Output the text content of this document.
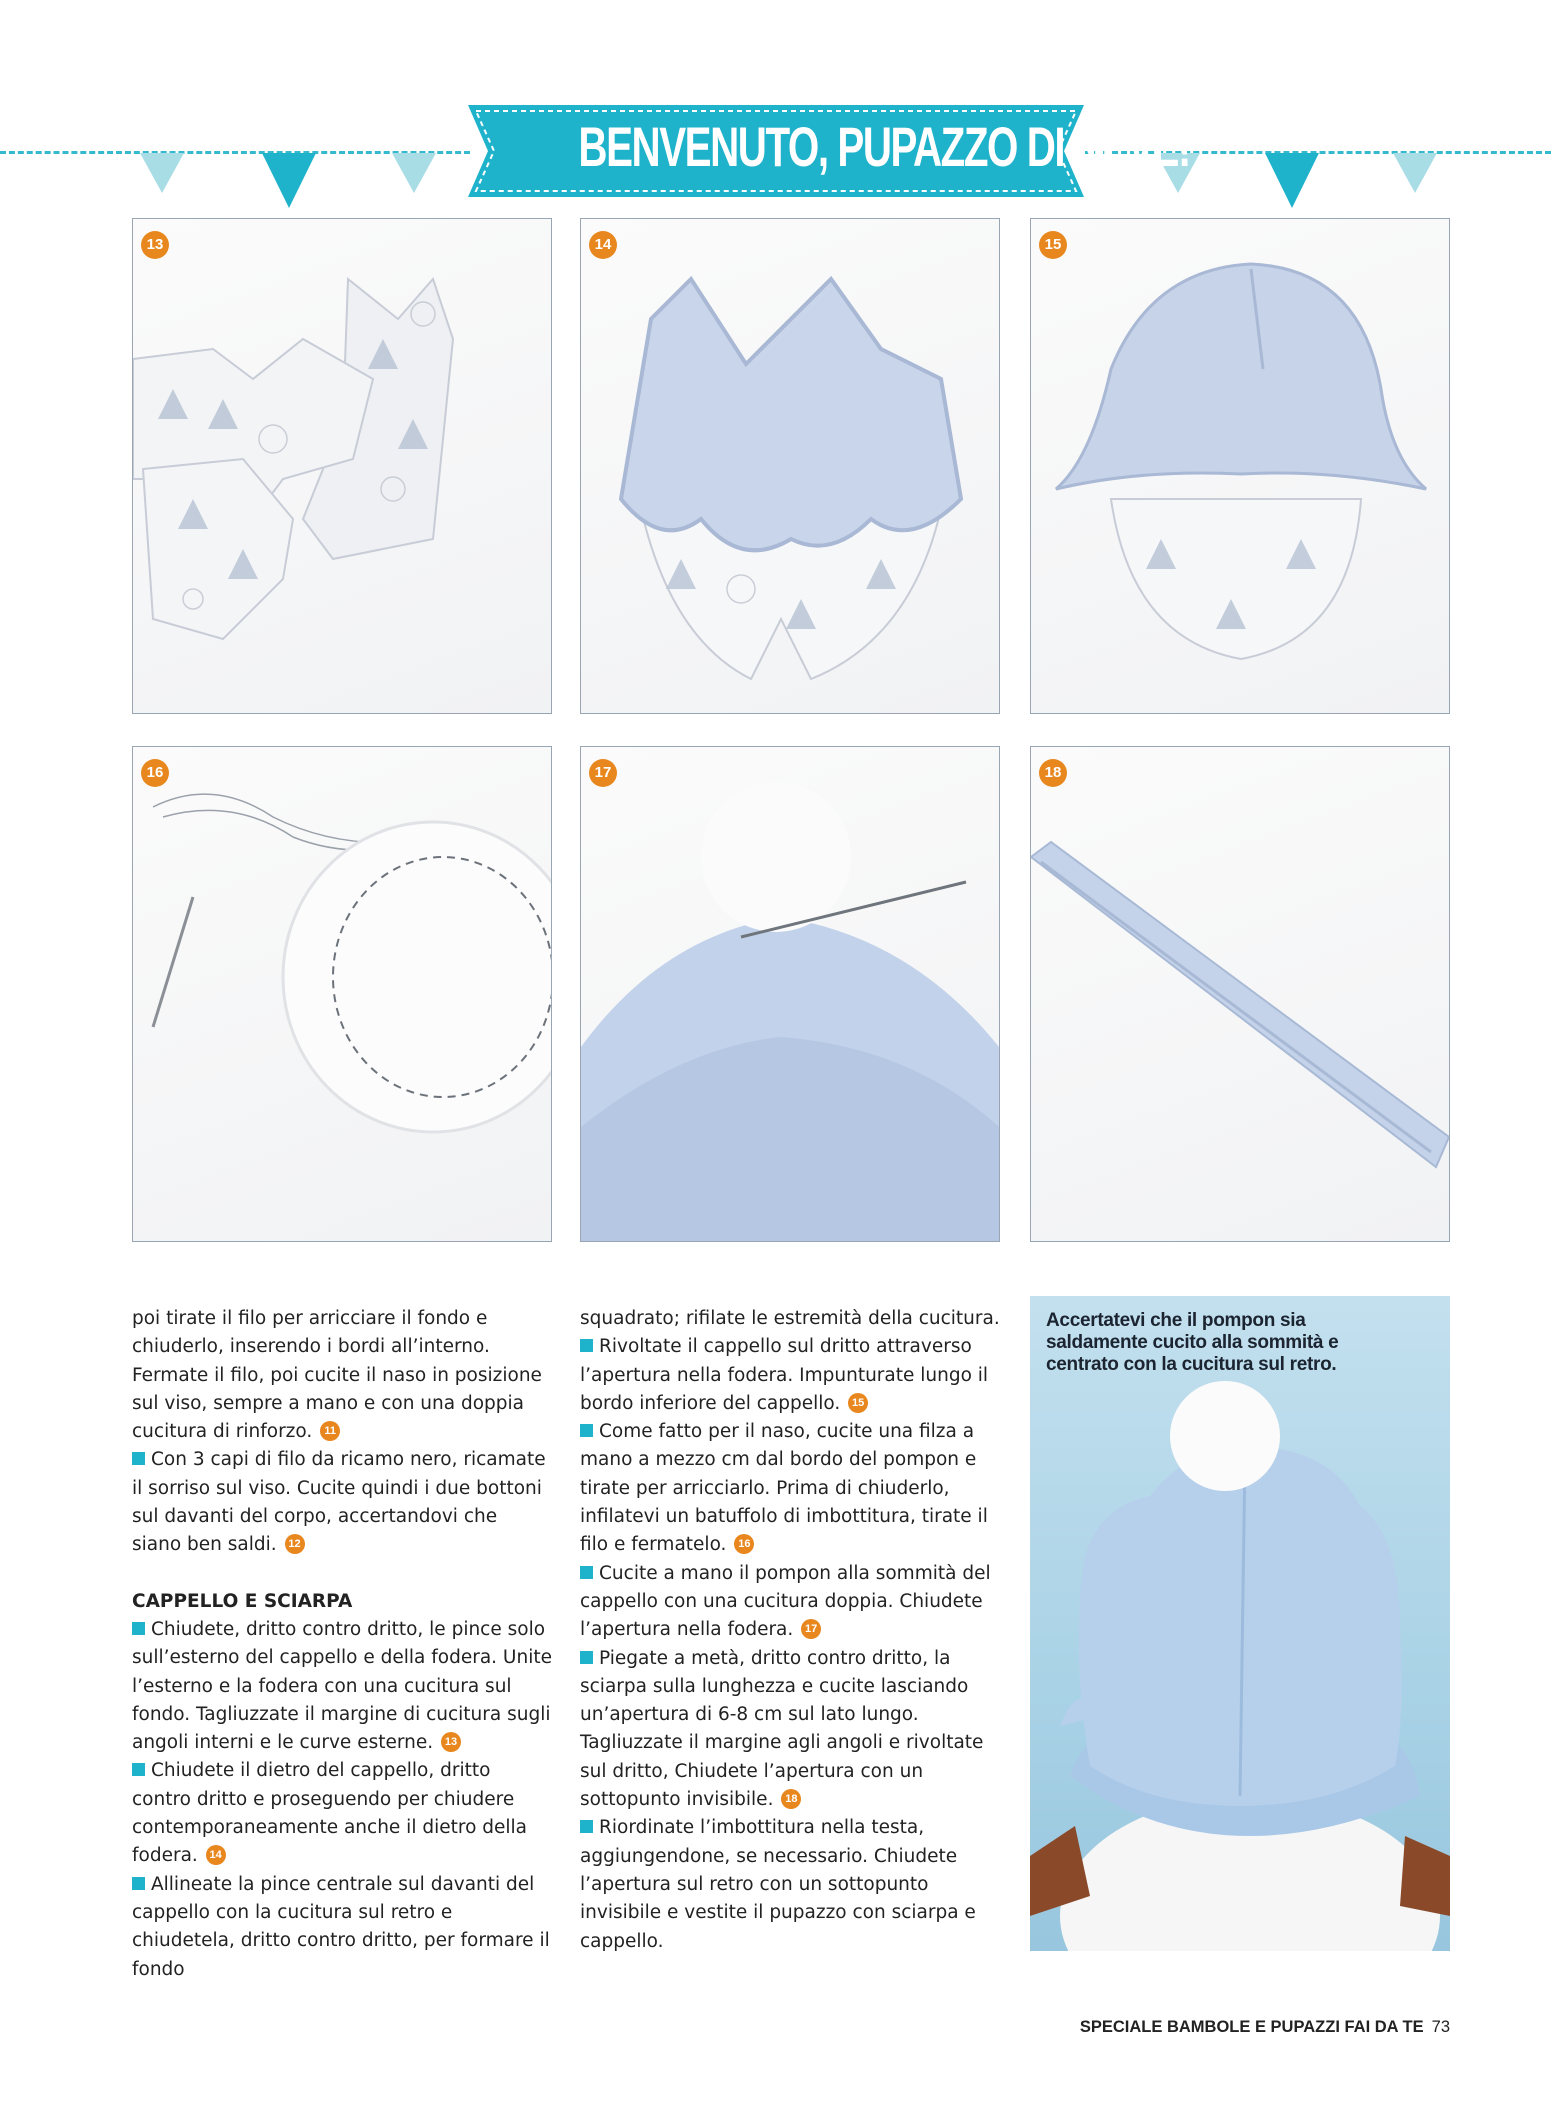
BENVENUTO, PUPAZZO DI NEVE!
13	14	15
16	17	18

poi tirate il filo per arricciare il fondo e chiuderlo, inserendo i bordi all’interno. Fermate il filo, poi cucite il naso in posizione sul viso, sempre a mano e con una doppia cucitura di rinforzo. 11

Con 3 capi di filo da ricamo nero, ricamate il sorriso sul viso. Cucite quindi i due bottoni sul davanti del corpo, accertandovi che siano ben saldi. 12

CAPPELLO E SCIARPA

Chiudete, dritto contro dritto, le pince solo sull’esterno del cappello e della fodera. Unite l’esterno e la fodera con una cucitura sul fondo. Tagliuzzate il margine di cucitura sugli angoli interni e le curve esterne. 13

Chiudete il dietro del cappello, dritto contro dritto e proseguendo per chiudere contemporaneamente anche il dietro della fodera. 14

Allineate la pince centrale sul davanti del cappello con la cucitura sul retro e chiudetela, dritto contro dritto, per formare il fondo

squadrato; rifilate le estremità della cucitura.

Rivoltate il cappello sul dritto attraverso l’apertura nella fodera. Impunturate lungo il bordo inferiore del cappello. 15

Come fatto per il naso, cucite una filza a mano a mezzo cm dal bordo del pompon e tirate per arricciarlo. Prima di chiuderlo, infilatevi un batuffolo di imbottitura, tirate il filo e fermatelo. 16

Cucite a mano il pompon alla sommità del cappello con una cucitura doppia. Chiudete l’apertura nella fodera. 17

Piegate a metà, dritto contro dritto, la sciarpa sulla lunghezza e cucite lasciando un’apertura di 6-8 cm sul lato lungo. Tagliuzzate il margine agli angoli e rivoltate sul dritto, Chiudete l’apertura con un sottopunto invisibile. 18

Riordinate l’imbottitura nella testa, aggiungendone, se necessario. Chiudete l’apertura sul retro con un sottopunto invisibile e vestite il pupazzo con sciarpa e cappello.

Accertatevi che il pompon sia saldamente cucito alla sommità e centrato con la cucitura sul retro.
SPECIALE BAMBOLE E PUPAZZI FAI DA TE 73
